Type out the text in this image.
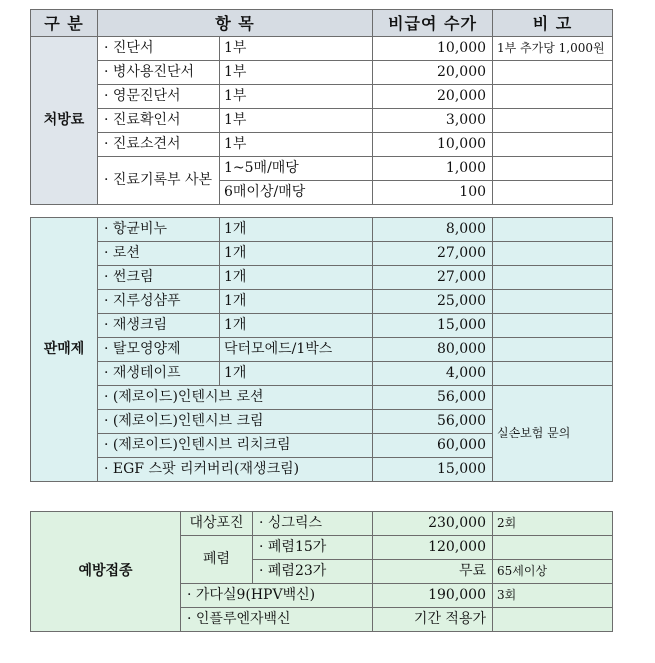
구 분	항 목		비급여 수가	비 고
처방료	· 진단서	1부	10,000	1부 추가당 1,000원
	· 병사용진단서	1부	20,000	
	· 영문진단서	1부	20,000	
	· 진료확인서	1부	3,000	
	· 진료소견서	1부	10,000	
	· 진료기록부 사본	1~5매/매당	1,000	
		6매이상/매당	100	
판매제	· 항균비누	1개	8,000	
	· 로션	1개	27,000	
	· 썬크림	1개	27,000	
	· 지루성샴푸	1개	25,000	
	· 재생크림	1개	15,000	
	· 탈모영양제	닥터모에드/1박스	80,000	
	· 재생테이프	1개	4,000	
	· (제로이드)인텐시브 로션		56,000	실손보험 문의
	· (제로이드)인텐시브 크림		56,000	
	· (제로이드)인텐시브 리치크림		60,000	
	· EGF 스팟 리커버리(재생크림)		15,000	
예방접종	대상포진	· 싱그릭스	230,000	2회
	폐렴	· 폐렴15가	120,000	
		· 폐렴23가	무료	65세이상
	· 가다실9(HPV백신)		190,000	3회
	· 인플루엔자백신		기간 적용가	
